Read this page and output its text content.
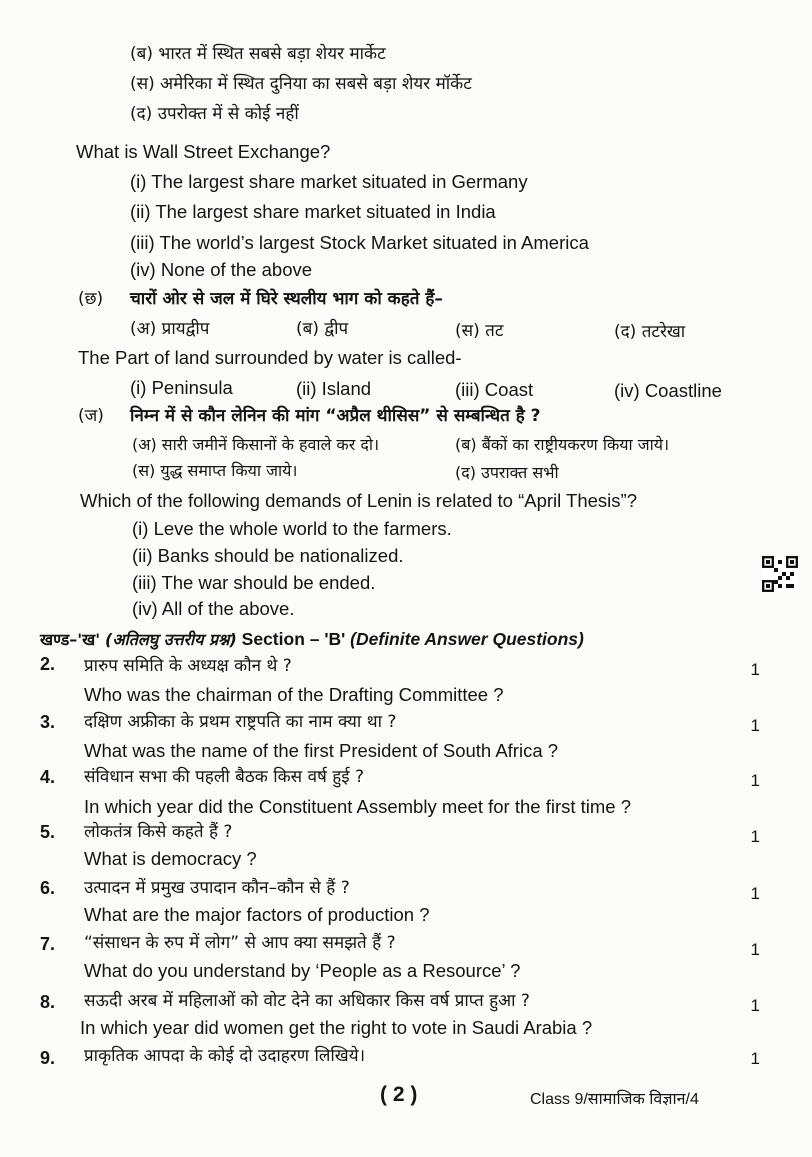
(ब) भारत में स्थित सबसे बड़ा शेयर मार्केट
(स) अमेरिका में स्थित दुनिया का सबसे बड़ा शेयर मॉर्केट
(द) उपरोक्त में से कोई नहीं
What is Wall Street Exchange?
(i) The largest share market situated in Germany
(ii) The largest share market situated in India
(iii) The world’s largest Stock Market situated in America
(iv) None of the above
(छ) चारों ओर से जल में घिरे स्थलीय भाग को कहते हैं–
(अ) प्रायद्वीप	(ब) द्वीप	(स) तट	(द) तटरेखा
The Part of land surrounded by water is called-
(i) Peninsula	(ii) Island	(iii) Coast	(iv) Coastline
(ज) निम्न में से कौन लेनिन की मांग “अप्रैल थीसिस” से सम्बन्धित है ?
(अ) सारी जमीनें किसानों के हवाले कर दो।	(ब) बैंकों का राष्ट्रीयकरण किया जाये।
(स) युद्ध समाप्त किया जाये।	(द) उपराक्त सभी
Which of the following demands of Lenin is related to “April Thesis”?
(i) Leve the whole world to the farmers.
(ii) Banks should be nationalized.
(iii) The war should be ended.
(iv) All of the above.
खण्ड–'ख' (अतिलघु उत्तरीय प्रश्न) Section – 'B' (Definite Answer Questions)
2. प्रारुप समिति के अध्यक्ष कौन थे ?	1
Who was the chairman of the Drafting Committee ?
3. दक्षिण अफ्रीका के प्रथम राष्ट्रपति का नाम क्या था ?	1
What was the name of the first President of South Africa ?
4. संविधान सभा की पहली बैठक किस वर्ष हुई ?	1
In which year did the Constituent Assembly meet for the first time ?
5. लोकतंत्र किसे कहते हैं ?	1
What is democracy ?
6. उत्पादन में प्रमुख उपादान कौन–कौन से हैं ?	1
What are the major factors of production ?
7. “संसाधन के रुप में लोग” से आप क्या समझते हैं ?	1
What do you understand by ‘People as a Resource’ ?
8. सऊदी अरब में महिलाओं को वोट देने का अधिकार किस वर्ष प्राप्त हुआ ?	1
In which year did women get the right to vote in Saudi Arabia ?
9. प्राकृतिक आपदा के कोई दो उदाहरण लिखिये।	1
( 2 )	Class 9/सामाजिक विज्ञान/4
